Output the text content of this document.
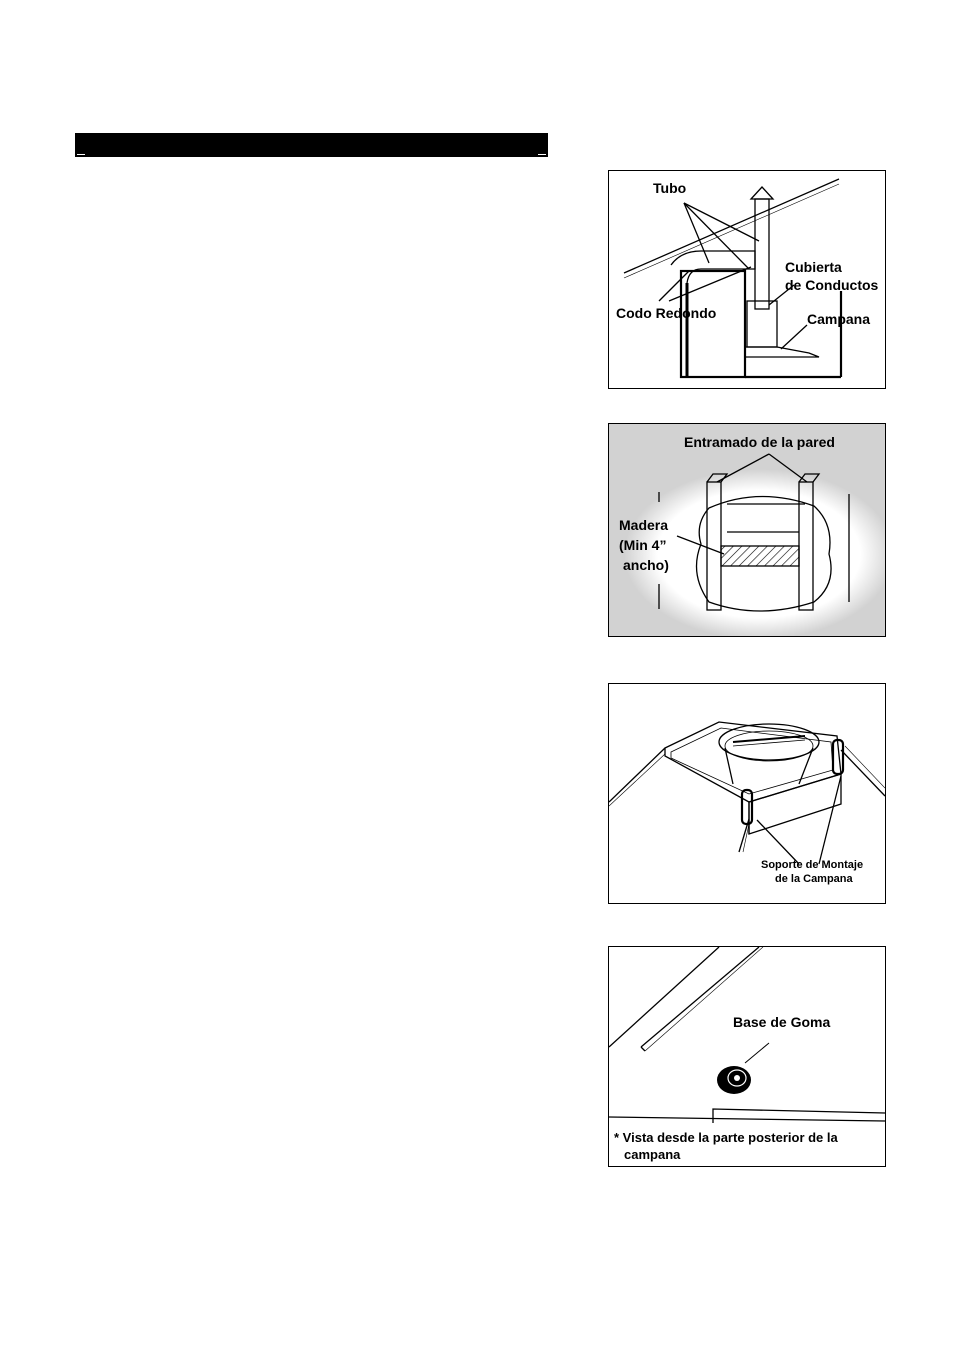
Tubo
Cubierta
de Conductos
Codo Redondo	Campana
Entramado de la pared
Madera
(Min 4”
ancho)
Soporte de Montaje
de la Campana
Base de Goma
* Vista desde la parte posterior de la
campana
